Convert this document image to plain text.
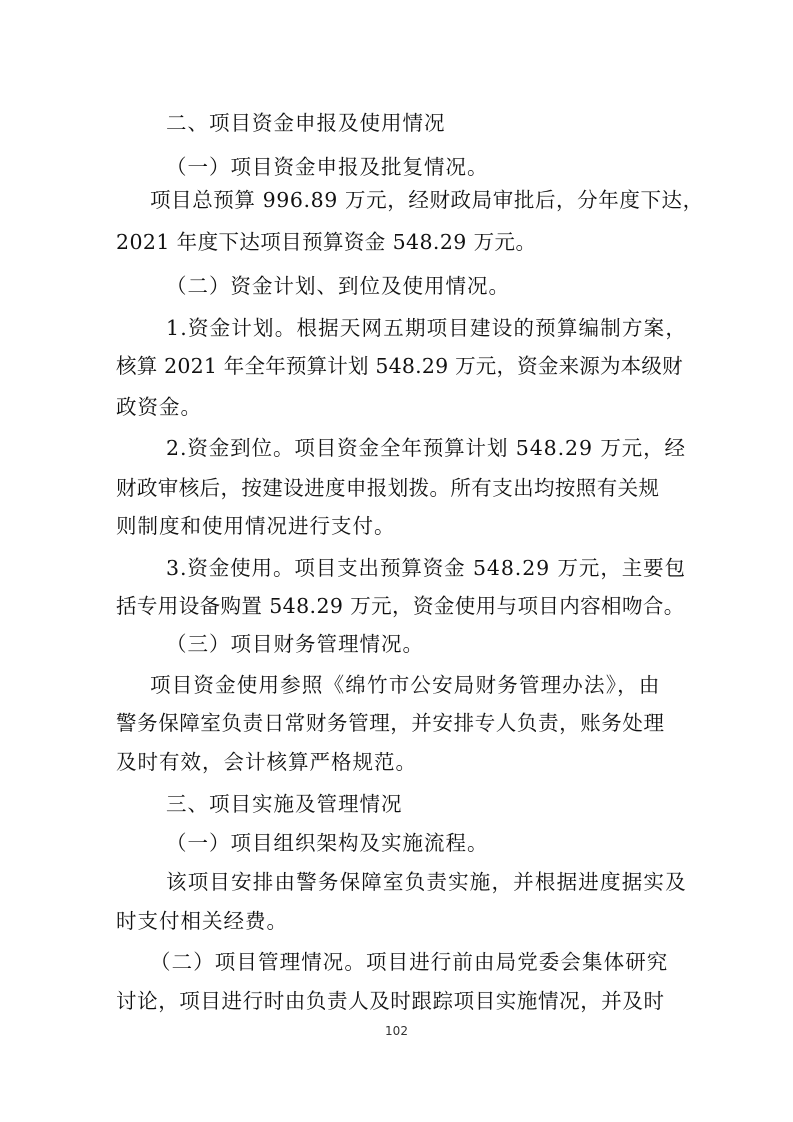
二、项目资金申报及使用情况
（一）项目资金申报及批复情况。
项目总预算 996.89 万元，经财政局审批后，分年度下达，
2021 年度下达项目预算资金 548.29 万元。
（二）资金计划、到位及使用情况。
1.资金计划。根据天网五期项目建设的预算编制方案，
核算 2021 年全年预算计划 548.29 万元，资金来源为本级财
政资金。
2.资金到位。项目资金全年预算计划 548.29 万元，经
财政审核后，按建设进度申报划拨。所有支出均按照有关规
则制度和使用情况进行支付。
3.资金使用。项目支出预算资金 548.29 万元，主要包
括专用设备购置 548.29 万元，资金使用与项目内容相吻合。
（三）项目财务管理情况。
项目资金使用参照《绵竹市公安局财务管理办法》，由
警务保障室负责日常财务管理，并安排专人负责，账务处理
及时有效，会计核算严格规范。
三、项目实施及管理情况
（一）项目组织架构及实施流程。
该项目安排由警务保障室负责实施，并根据进度据实及
时支付相关经费。
（二）项目管理情况。项目进行前由局党委会集体研究
讨论，项目进行时由负责人及时跟踪项目实施情况，并及时
102
